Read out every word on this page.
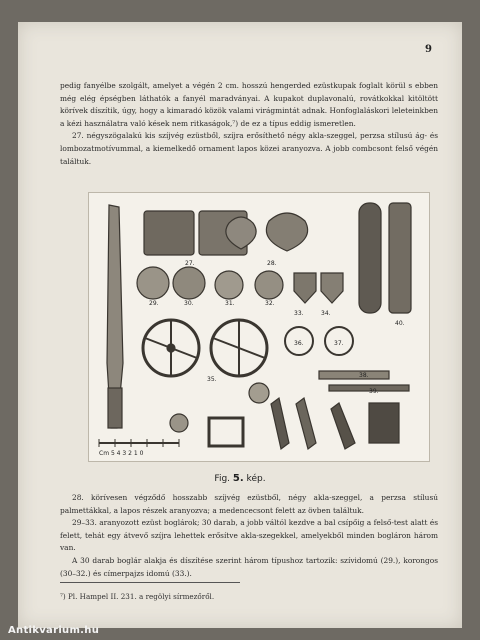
9

pedig fanyélbe szolgált, amelyet a végén 2 cm. hosszú hengerded ezüstkupak foglalt körül s ebben még elég épségben láthatók a fanyél maradványai. A kupakot duplavonalú, rovátkokkal kitöltött körívek díszítik, úgy, hogy a kimaradó közök valami virágmintát adnak. Honfoglaláskori leleteinkben a kézi használatra való kések nem ritkaságok,⁷) de ez a típus eddig ismeretlen.

27. négyszögalakú kis szíjvég ezüstből, szíjra erősíthető négy akla-szeggel, perzsa stílusú ág- és lombozatmotívummal, a kiemelkedő ornament lapos közei aranyozva. A jobb combcsont felső végén találtuk.

27.	28.
29.	30.	31.	32.
33.	34.
35.
36.	37.
38.
39.
40.
Cm 5 4 3 2 1 0
Fig. 5. kép.

28. körívesen végződő hosszabb szíjvég ezüstből, négy akla-szeggel, a perzsa stílusú palmettákkal, a lapos részek aranyozva; a medencecsont felett az övben találtuk.

29–33. aranyozott ezüst boglárok; 30 darab, a jobb váltól kezdve a bal csípőig a felső-test alatt és felett, tehát egy átvevő szíjra lehettek erősítve akla-szegekkel, amelyekből minden bogláron három van.

A 30 darab boglár alakja és díszítése szerint három típushoz tartozik: szívidomú (29.), korongos (30–32.) és címerpajzs idomú (33.).

⁷) Pl. Hampel II. 231. a regölyi sírmezőről.
Antikvarium.hu
